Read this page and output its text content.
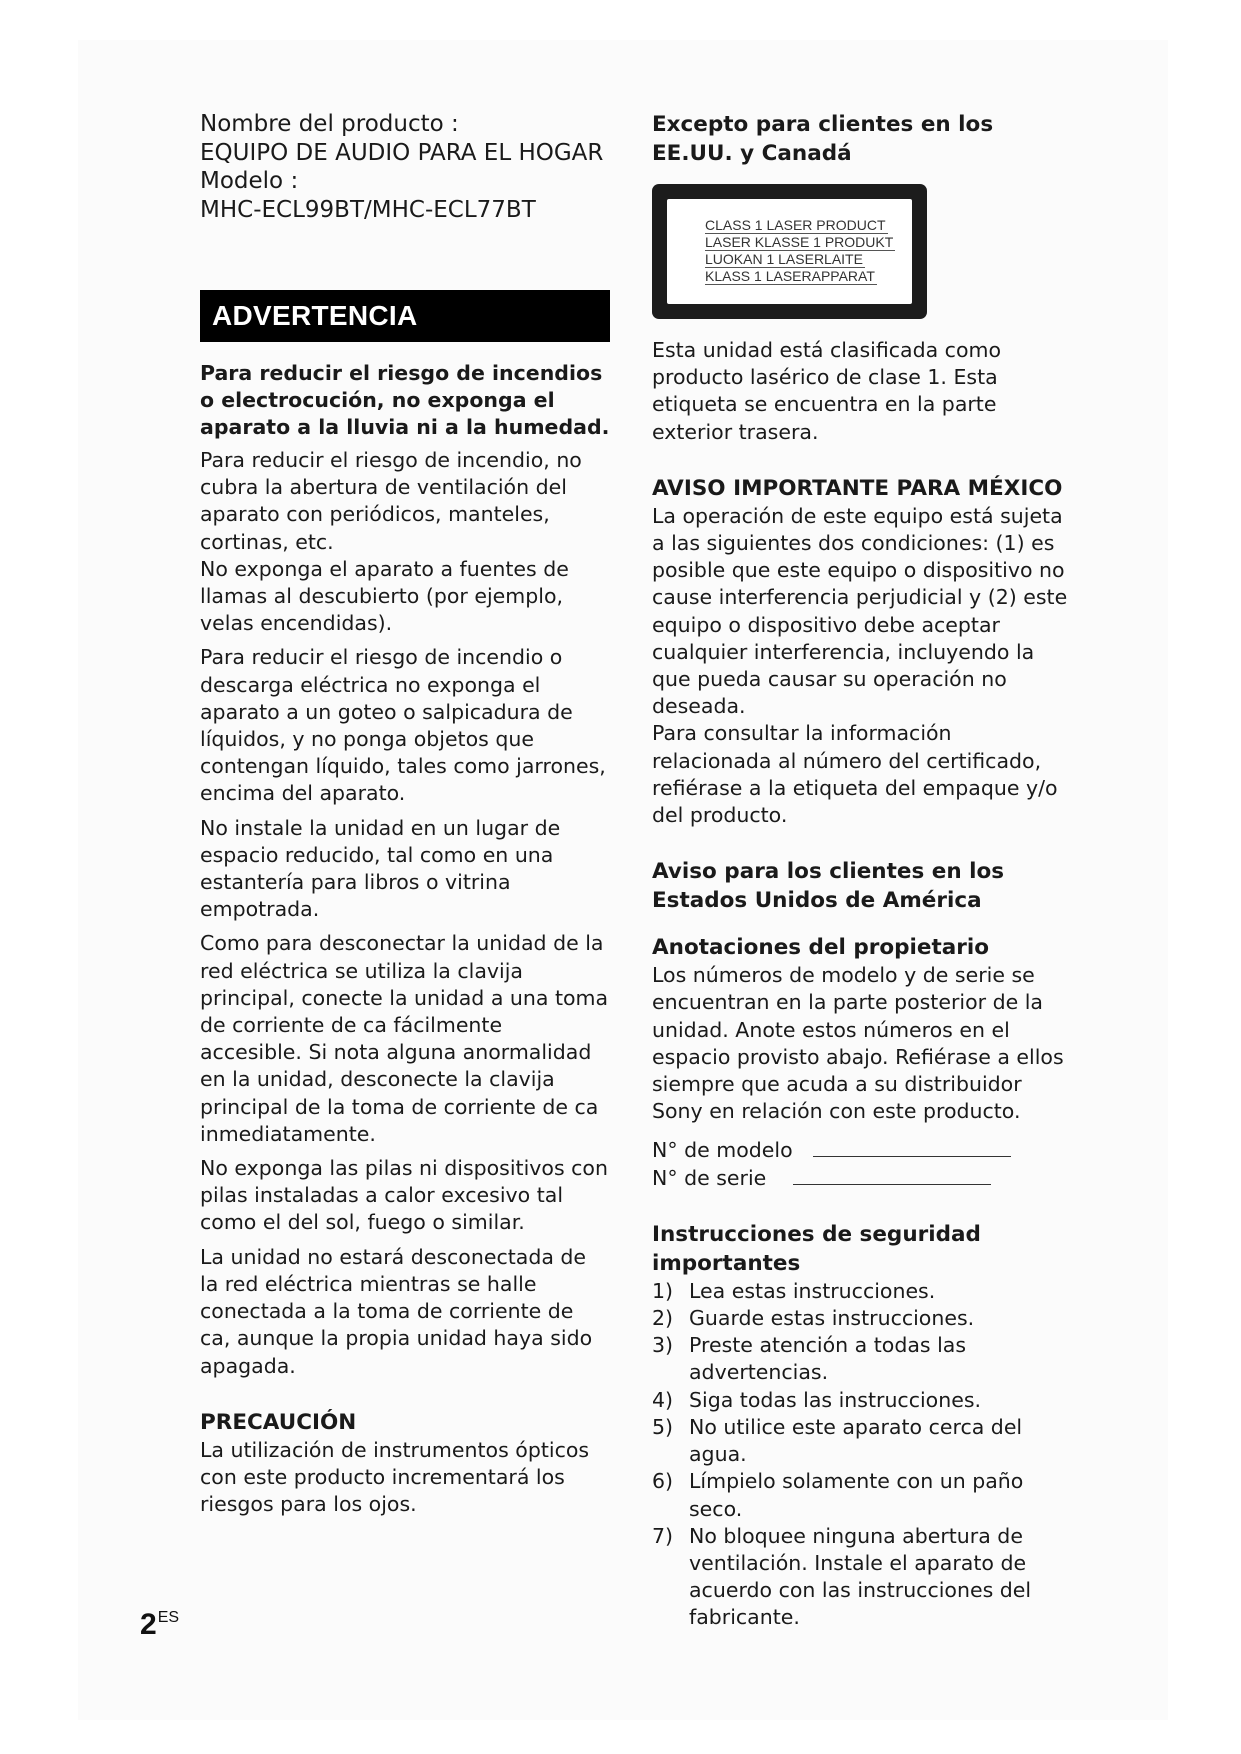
Nombre del producto :
EQUIPO DE AUDIO PARA EL HOGAR
Modelo :
MHC-ECL99BT/MHC-ECL77BT
ADVERTENCIA

Para reducir el riesgo de incendios o electrocución, no exponga el aparato a la lluvia ni a la humedad.

Para reducir el riesgo de incendio, no cubra la abertura de ventilación del aparato con periódicos, manteles, cortinas, etc.

No exponga el aparato a fuentes de llamas al descubierto (por ejemplo, velas encendidas).

Para reducir el riesgo de incendio o descarga eléctrica no exponga el aparato a un goteo o salpicadura de líquidos, y no ponga objetos que contengan líquido, tales como jarrones, encima del aparato.

No instale la unidad en un lugar de espacio reducido, tal como en una estantería para libros o vitrina empotrada.

Como para desconectar la unidad de la red eléctrica se utiliza la clavija principal, conecte la unidad a una toma de corriente de ca fácilmente accesible. Si nota alguna anormalidad en la unidad, desconecte la clavija principal de la toma de corriente de ca inmediatamente.

No exponga las pilas ni dispositivos con pilas instaladas a calor excesivo tal como el del sol, fuego o similar.

La unidad no estará desconectada de la red eléctrica mientras se halle conectada a la toma de corriente de ca, aunque la propia unidad haya sido apagada.

PRECAUCIÓN

La utilización de instrumentos ópticos con este producto incrementará los riesgos para los ojos.

Excepto para clientes en los EE.UU. y Canadá
CLASS 1 LASER PRODUCT
LASER KLASSE 1 PRODUKT
LUOKAN 1 LASERLAITE
KLASS 1 LASERAPPARAT

Esta unidad está clasificada como producto lasérico de clase 1. Esta etiqueta se encuentra en la parte exterior trasera.

AVISO IMPORTANTE PARA MÉXICO

La operación de este equipo está sujeta a las siguientes dos condiciones: (1) es posible que este equipo o dispositivo no cause interferencia perjudicial y (2) este equipo o dispositivo debe aceptar cualquier interferencia, incluyendo la que pueda causar su operación no deseada.

Para consultar la información relacionada al número del certificado, refiérase a la etiqueta del empaque y/o del producto.

Aviso para los clientes en los Estados Unidos de América
Anotaciones del propietario

Los números de modelo y de serie se encuentran en la parte posterior de la unidad. Anote estos números en el espacio provisto abajo. Refiérase a ellos siempre que acuda a su distribuidor Sony en relación con este producto.

N° de modelo
N° de serie
Instrucciones de seguridad importantes
1) Lea estas instrucciones.
2) Guarde estas instrucciones.
3) Preste atención a todas las advertencias.
4) Siga todas las instrucciones.
5) No utilice este aparato cerca del agua.
6) Límpielo solamente con un paño seco.
7) No bloquee ninguna abertura de ventilación. Instale el aparato de acuerdo con las instrucciones del fabricante.
$2^{ES}$
